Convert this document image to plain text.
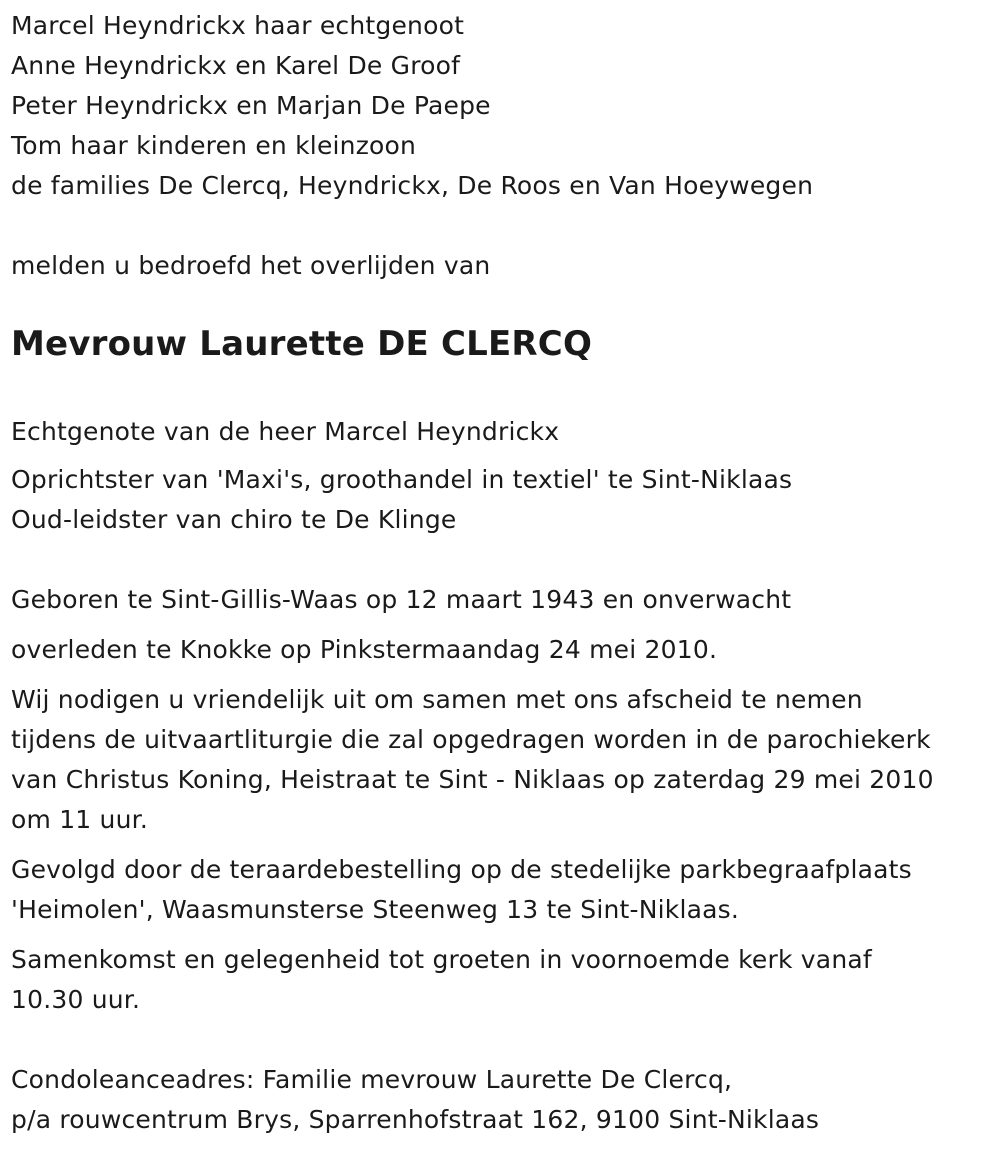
Marcel Heyndrickx haar echtgenoot

Anne Heyndrickx en Karel De Groof

Peter Heyndrickx en Marjan De Paepe

Tom haar kinderen en kleinzoon

de families De Clercq, Heyndrickx, De Roos en Van Hoeywegen

melden u bedroefd het overlijden van

Mevrouw Laurette DE CLERCQ

Echtgenote van de heer Marcel Heyndrickx

Oprichtster van 'Maxi's, groothandel in textiel' te Sint-Niklaas

Oud-leidster van chiro te De Klinge

Geboren te Sint-Gillis-Waas op 12 maart 1943 en onverwacht

overleden te Knokke op Pinkstermaandag 24 mei 2010.

Wij nodigen u vriendelijk uit om samen met ons afscheid te nemen
tijdens de uitvaartliturgie die zal opgedragen worden in de parochiekerk
van Christus Koning, Heistraat te Sint - Niklaas op zaterdag 29 mei 2010
om 11 uur.
Gevolgd door de teraardebestelling op de stedelijke parkbegraafplaats
'Heimolen', Waasmunsterse Steenweg 13 te Sint-Niklaas.
Samenkomst en gelegenheid tot groeten in voornoemde kerk vanaf
10.30 uur.

Condoleanceadres: Familie mevrouw Laurette De Clercq,

p/a rouwcentrum Brys, Sparrenhofstraat 162, 9100 Sint-Niklaas
